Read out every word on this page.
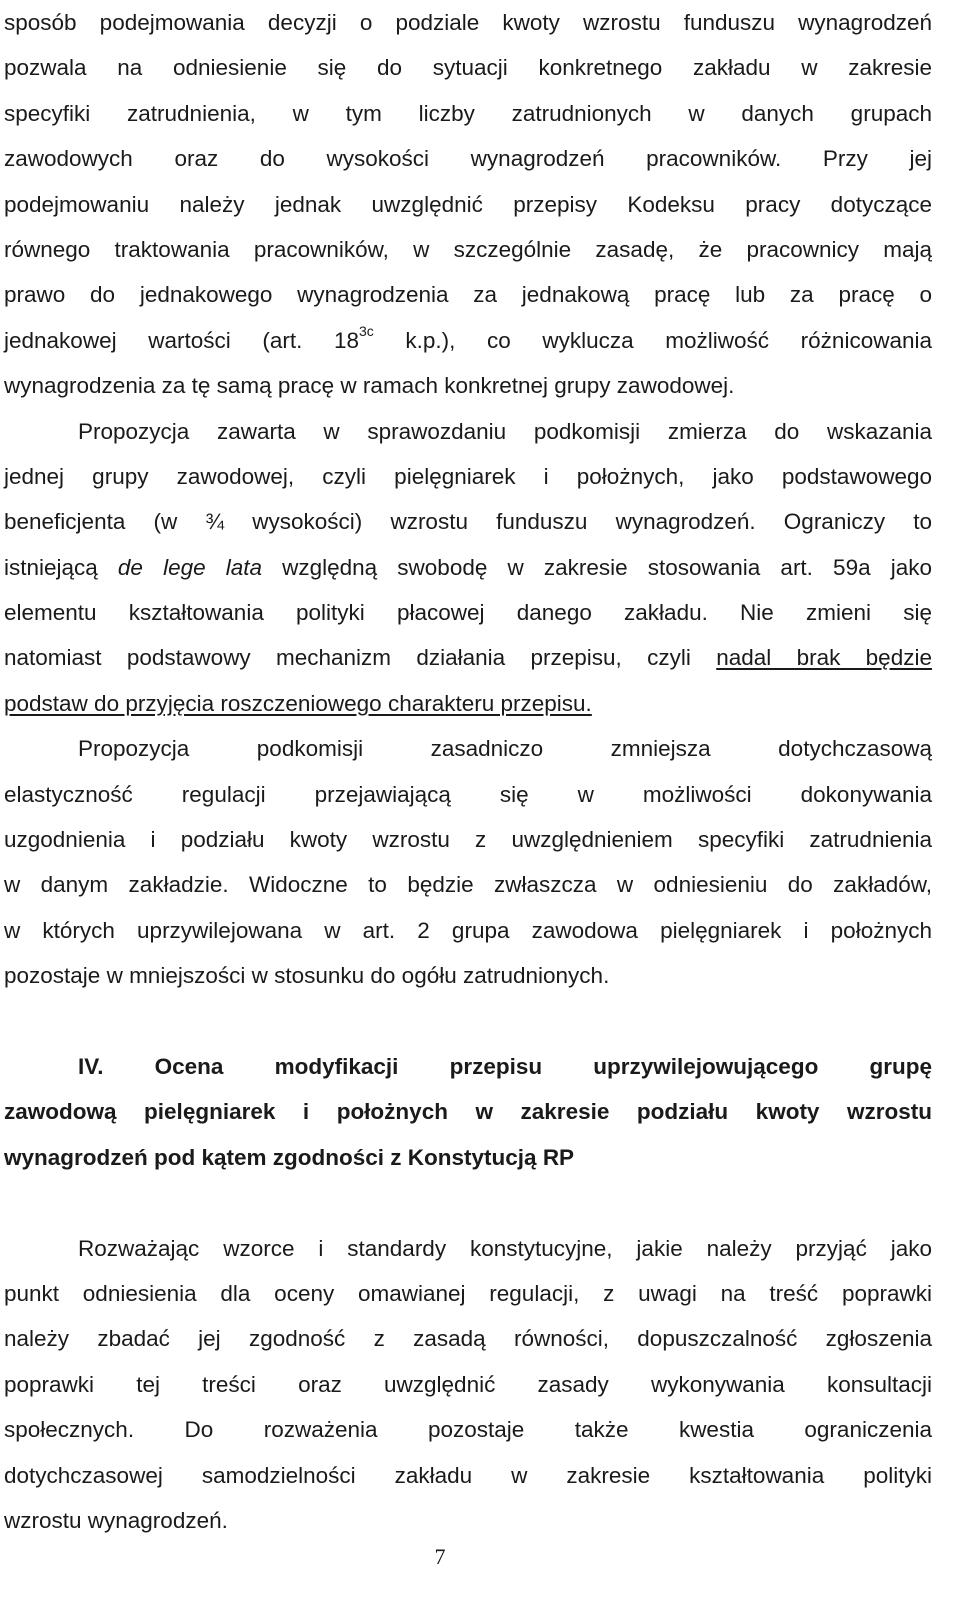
sposób podejmowania decyzji o podziale kwoty wzrostu funduszu wynagrodzeń
pozwala na odniesienie się do sytuacji konkretnego zakładu w zakresie
specyfiki zatrudnienia, w tym liczby zatrudnionych w danych grupach
zawodowych oraz do wysokości wynagrodzeń pracowników. Przy jej
podejmowaniu należy jednak uwzględnić przepisy Kodeksu pracy dotyczące
równego traktowania pracowników, w szczególnie zasadę, że pracownicy mają
prawo do jednakowego wynagrodzenia za jednakową pracę lub za pracę o
jednakowej wartości (art. $18^{3c}$ k.p.), co wyklucza możliwość różnicowania
wynagrodzenia za tę samą pracę w ramach konkretnej grupy zawodowej.
Propozycja zawarta w sprawozdaniu podkomisji zmierza do wskazania
jednej grupy zawodowej, czyli pielęgniarek i położnych, jako podstawowego
beneficjenta (w ¾ wysokości) wzrostu funduszu wynagrodzeń. Ograniczy to
istniejącą de lege lata względną swobodę w zakresie stosowania art. 59a jako
elementu kształtowania polityki płacowej danego zakładu. Nie zmieni się
natomiast podstawowy mechanizm działania przepisu, czyli nadal brak będzie
podstaw do przyjęcia roszczeniowego charakteru przepisu.
Propozycja podkomisji zasadniczo zmniejsza dotychczasową
elastyczność regulacji przejawiającą się w możliwości dokonywania
uzgodnienia i podziału kwoty wzrostu z uwzględnieniem specyfiki zatrudnienia
w danym zakładzie. Widoczne to będzie zwłaszcza w odniesieniu do zakładów,
w których uprzywilejowana w art. 2 grupa zawodowa pielęgniarek i położnych
pozostaje w mniejszości w stosunku do ogółu zatrudnionych.
IV. Ocena modyfikacji przepisu uprzywilejowującego grupę
zawodową pielęgniarek i położnych w zakresie podziału kwoty wzrostu
wynagrodzeń pod kątem zgodności z Konstytucją RP
Rozważając wzorce i standardy konstytucyjne, jakie należy przyjąć jako
punkt odniesienia dla oceny omawianej regulacji, z uwagi na treść poprawki
należy zbadać jej zgodność z zasadą równości, dopuszczalność zgłoszenia
poprawki tej treści oraz uwzględnić zasady wykonywania konsultacji
społecznych. Do rozważenia pozostaje także kwestia ograniczenia
dotychczasowej samodzielności zakładu w zakresie kształtowania polityki
wzrostu wynagrodzeń.
7
